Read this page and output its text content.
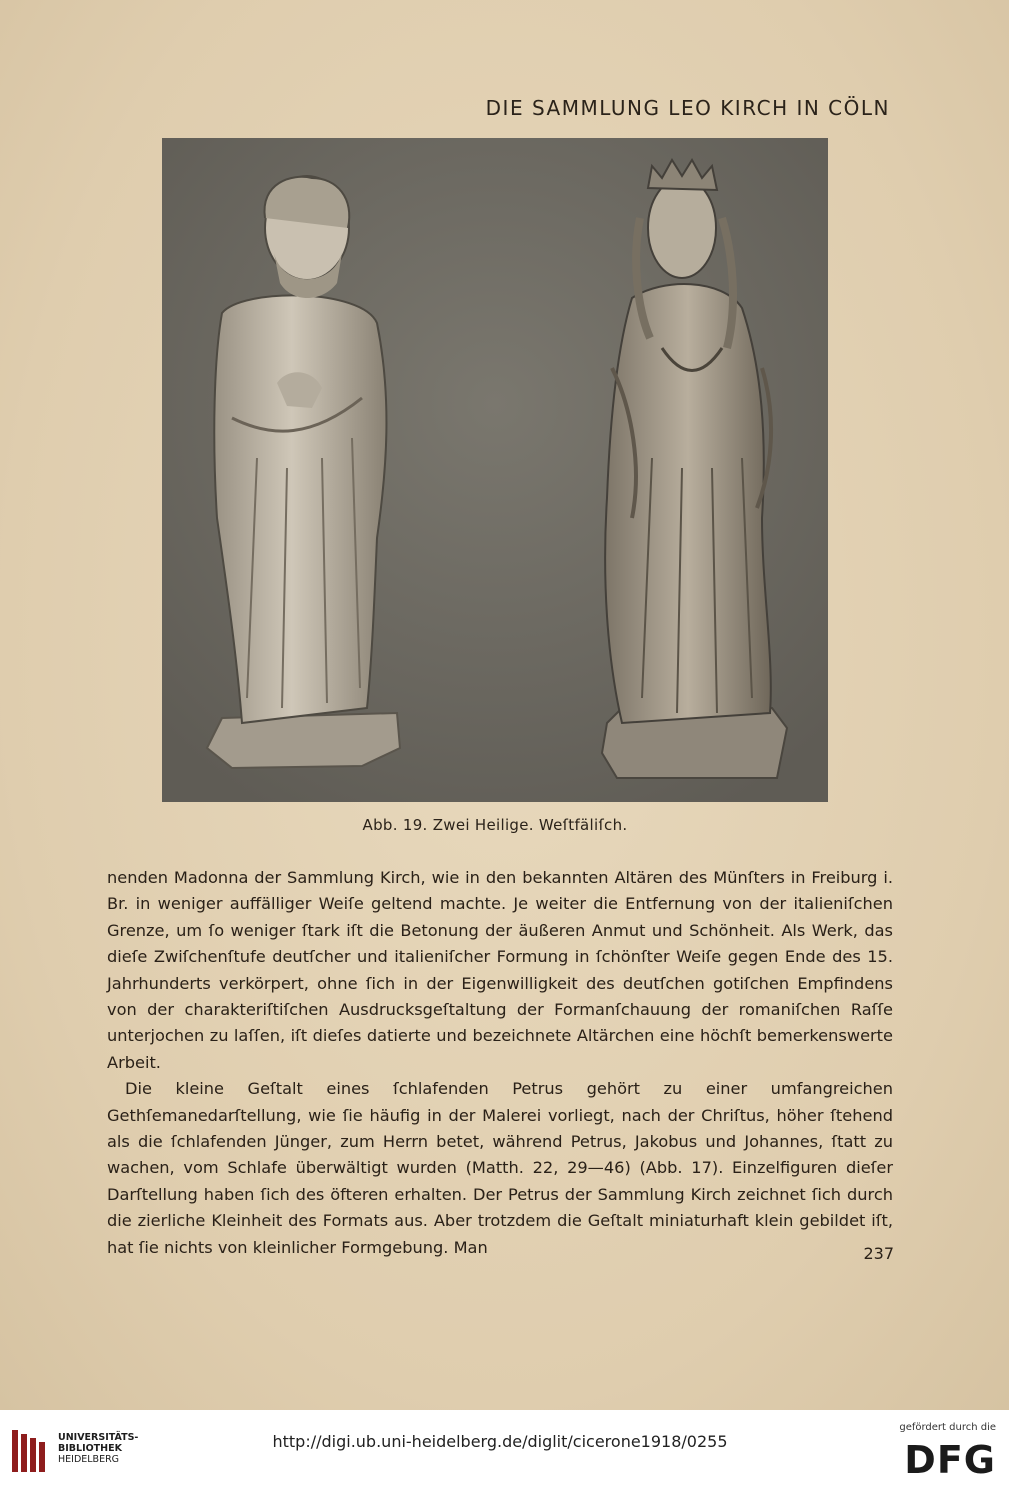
DIE SAMMLUNG LEO KIRCH IN CÖLN
Abb. 19. Zwei Heilige. Weſtfäliſch.

nenden Madonna der Sammlung Kirch, wie in den bekannten Altären des Münſters in Freiburg i. Br. in weniger auffälliger Weiſe geltend machte. Je weiter die Entfernung von der italieniſchen Grenze, um ſo weniger ſtark iſt die Betonung der äußeren Anmut und Schönheit. Als Werk, das dieſe Zwiſchenſtufe deutſcher und italieniſcher Formung in ſchönſter Weiſe gegen Ende des 15. Jahrhunderts verkörpert, ohne ſich in der Eigenwilligkeit des deutſchen gotiſchen Empfindens von der charakteriſtiſchen Ausdrucksgeſtaltung der Formanſchauung der romaniſchen Raſſe unterjochen zu laſſen, iſt dieſes datierte und bezeichnete Altärchen eine höchſt bemerkenswerte Arbeit.

Die kleine Geſtalt eines ſchlafenden Petrus gehört zu einer umfangreichen Gethſemanedarſtellung, wie ſie häufig in der Malerei vorliegt, nach der Chriſtus, höher ſtehend als die ſchlafenden Jünger, zum Herrn betet, während Petrus, Jakobus und Johannes, ſtatt zu wachen, vom Schlafe überwältigt wurden (Matth. 22, 29—46) (Abb. 17). Einzelfiguren dieſer Darſtellung haben ſich des öfteren erhalten. Der Petrus der Sammlung Kirch zeichnet ſich durch die zierliche Kleinheit des Formats aus. Aber trotzdem die Geſtalt miniaturhaft klein gebildet iſt, hat ſie nichts von kleinlicher Formgebung. Man	237
UNIVERSITÄTS-
BIBLIOTHEK
HEIDELBERG
http://digi.ub.uni-heidelberg.de/diglit/cicerone1918/0255
gefördert durch die
DFG
